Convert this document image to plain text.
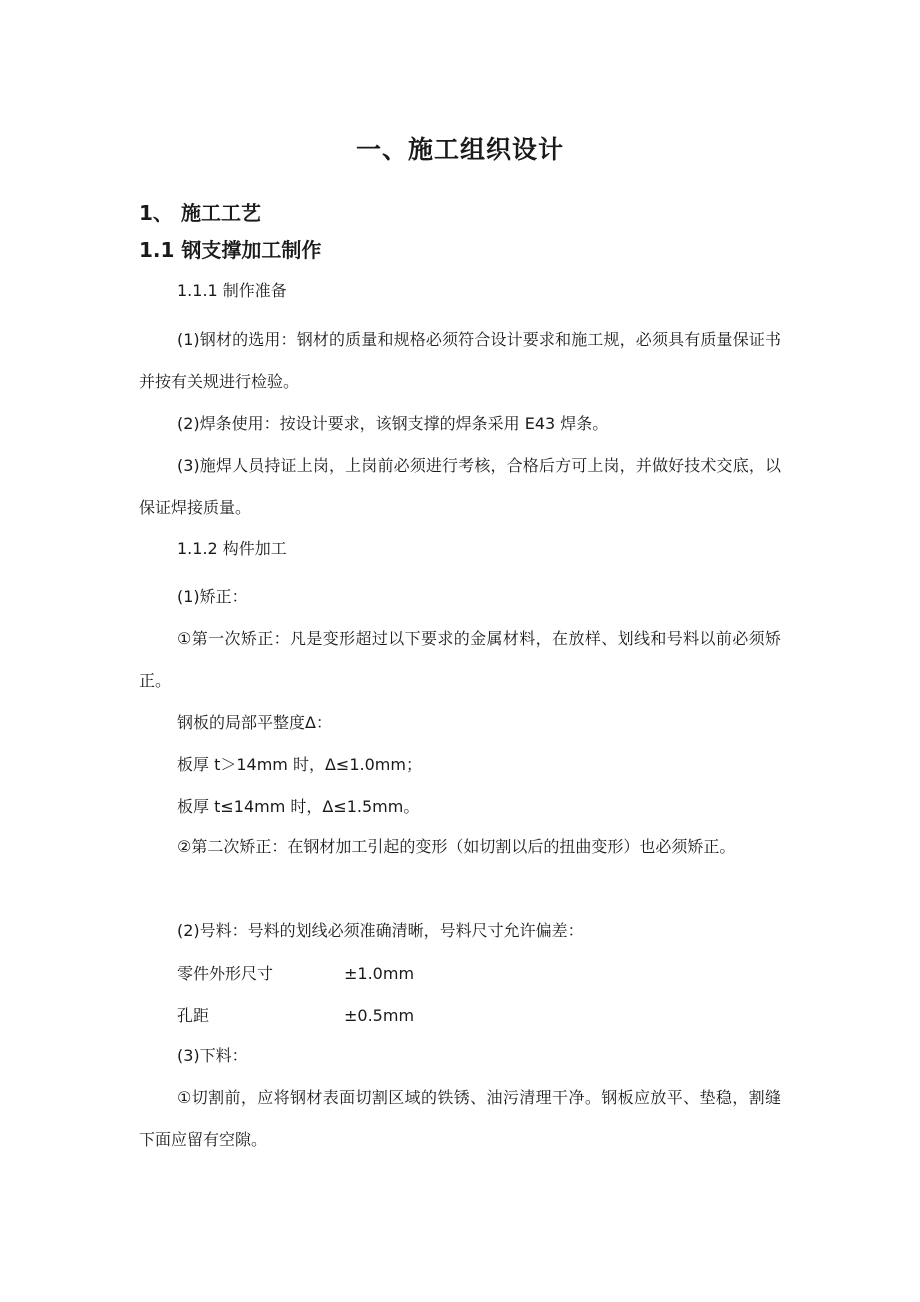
一、施工组织设计
1、 施工工艺
1.1 钢支撑加工制作
1.1.1 制作准备
(1)钢材的选用：钢材的质量和规格必须符合设计要求和施工规，必须具有质量保证书并按有关规进行检验。
(2)焊条使用：按设计要求，该钢支撑的焊条采用 E43 焊条。
(3)施焊人员持证上岗，上岗前必须进行考核，合格后方可上岗，并做好技术交底，以保证焊接质量。
1.1.2 构件加工
(1)矫正：
①第一次矫正：凡是变形超过以下要求的金属材料，在放样、划线和号料以前必须矫正。
钢板的局部平整度Δ：
板厚 t＞14mm 时，Δ≤1.0mm；
板厚 t≤14mm 时，Δ≤1.5mm。
②第二次矫正：在钢材加工引起的变形（如切割以后的扭曲变形）也必须矫正。
(2)号料：号料的划线必须准确清晰，号料尺寸允许偏差：
零件外形尺寸	±1.0mm
孔距	±0.5mm
(3)下料：
①切割前，应将钢材表面切割区域的铁锈、油污清理干净。钢板应放平、垫稳，割缝下面应留有空隙。
